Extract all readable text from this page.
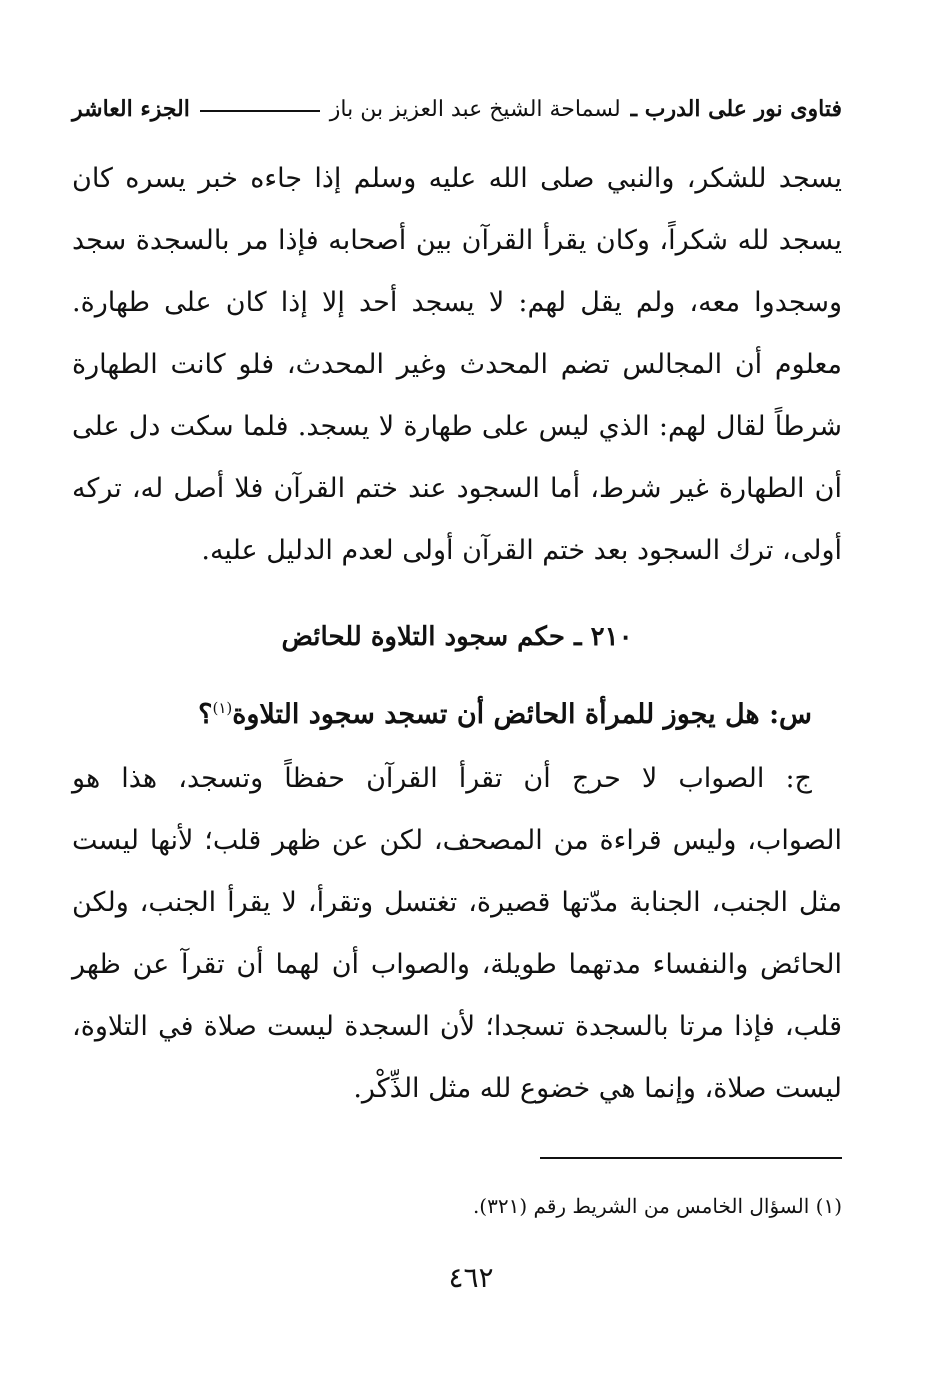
فتاوى نور على الدرب ـ
لسماحة الشيخ عبد العزيز بن باز
الجزء العاشر
يسجد للشكر، والنبي صلى الله عليه وسلم إذا جاءه خبر يسره كان
يسجد لله شكراً، وكان يقرأ القرآن بين أصحابه فإذا مر بالسجدة سجد
وسجدوا معه، ولم يقل لهم: لا يسجد أحد إلا إذا كان على طهارة.
معلوم أن المجالس تضم المحدث وغير المحدث، فلو كانت الطهارة
شرطاً لقال لهم: الذي ليس على طهارة لا يسجد. فلما سكت دل على
أن الطهارة غير شرط، أما السجود عند ختم القرآن فلا أصل له، تركه
أولى، ترك السجود بعد ختم القرآن أولى لعدم الدليل عليه.
٢١٠ ـ حكم سجود التلاوة للحائض
س: هل يجوز للمرأة الحائض أن تسجد سجود التلاوة$^{(١)}$؟
ج: الصواب لا حرج أن تقرأ القرآن حفظاً وتسجد، هذا هو
الصواب، وليس قراءة من المصحف، لكن عن ظهر قلب؛ لأنها ليست
مثل الجنب، الجنابة مدّتها قصيرة، تغتسل وتقرأ، لا يقرأ الجنب، ولكن
الحائض والنفساء مدتهما طويلة، والصواب أن لهما أن تقرآ عن ظهر
قلب، فإذا مرتا بالسجدة تسجدا؛ لأن السجدة ليست صلاة في التلاوة،
ليست صلاة، وإنما هي خضوع لله مثل الذِّكْر.
(١) السؤال الخامس من الشريط رقم (٣٢١).
٤٦٢
